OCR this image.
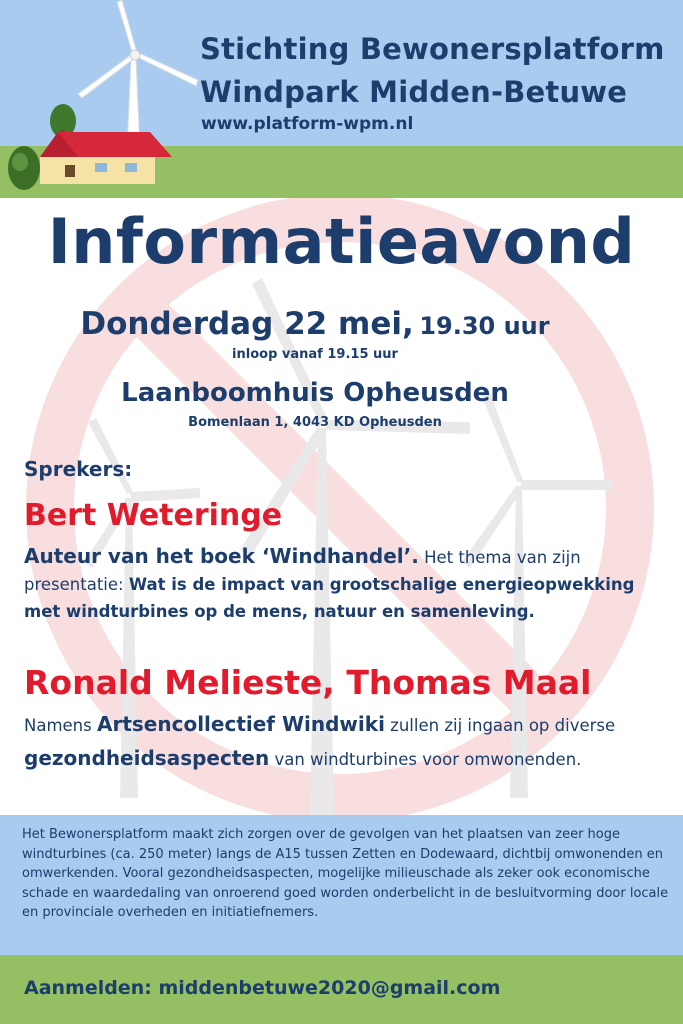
Stichting Bewonersplatform
Windpark Midden-Betuwe
www.platform-wpm.nl
Informatieavond
Donderdag 22 mei, 19.30 uur
inloop vanaf 19.15 uur
Laanboomhuis Opheusden
Bomenlaan 1, 4043 KD Opheusden
Sprekers:
Bert Weteringe
Auteur van het boek ‘Windhandel’. Het thema van zijn presentatie: Wat is de impact van grootschalige energieopwekking met windturbines op de mens, natuur en samenleving.
Ronald Melieste, Thomas Maal
Namens Artsencollectief Windwiki zullen zij ingaan op diverse gezondheidsaspecten van windturbines voor omwonenden.
Het Bewonersplatform maakt zich zorgen over de gevolgen van het plaatsen van zeer hoge windturbines (ca. 250 meter) langs de A15 tussen Zetten en Dodewaard, dichtbij omwonenden en omwerkenden. Vooral gezondheidsaspecten, mogelijke milieuschade als zeker ook economische schade en waardedaling van onroerend goed worden onderbelicht in de besluitvorming door locale en provinciale overheden en initiatiefnemers.
Aanmelden: middenbetuwe2020@gmail.com
